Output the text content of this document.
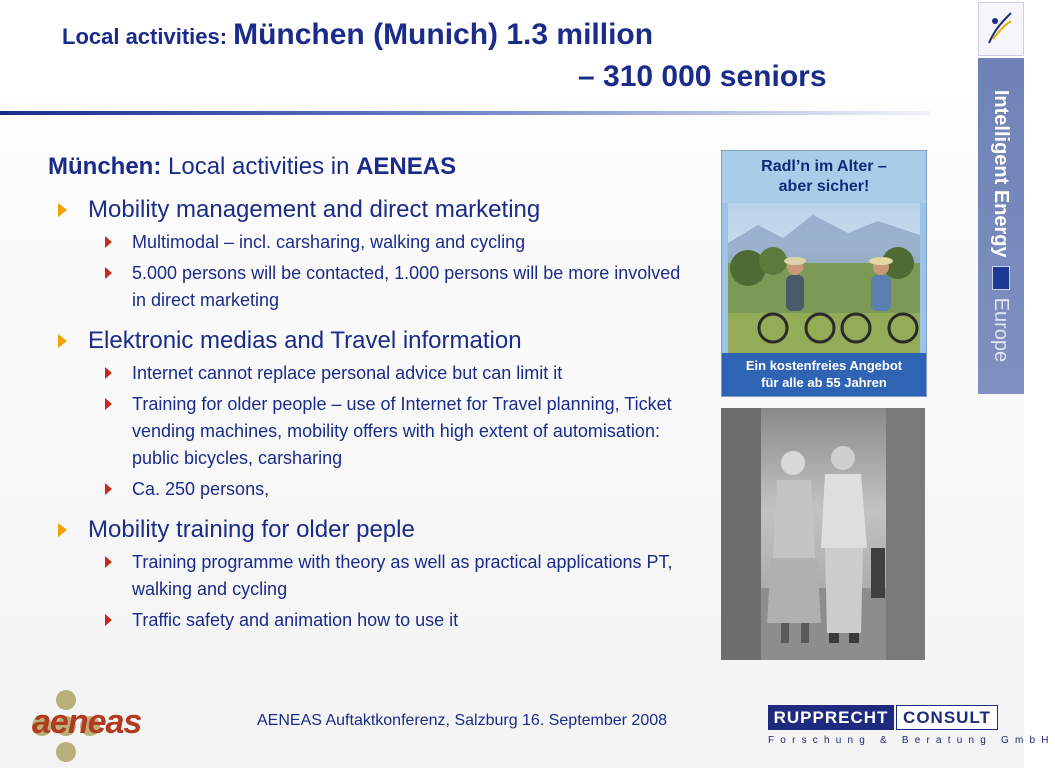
Local activities: München (Munich) 1.3 million
– 310 000 seniors
Intelligent Energy
Europe
München: Local activities in AENEAS
Mobility management and direct marketing
Multimodal – incl. carsharing, walking and cycling
5.000 persons will be contacted, 1.000 persons will be more involved in direct marketing
Elektronic medias and Travel information
Internet cannot replace personal advice but can limit it
Training for older people – use of Internet for Travel planning, Ticket vending machines, mobility offers with high extent of automisation: public bicycles, carsharing
Ca. 250 persons,
Mobility training for older peple
Training programme with theory as well as practical applications PT, walking and cycling
Traffic safety and animation how to use it
Radl’n im Alter –
aber sicher!
Ein kostenfreies Angebot
für alle ab 55 Jahren
aeneas	AENEAS Auftaktkonferenz, Salzburg 16. September 2008	RUPPRECHT CONSULT
Forschung & Beratung GmbH
